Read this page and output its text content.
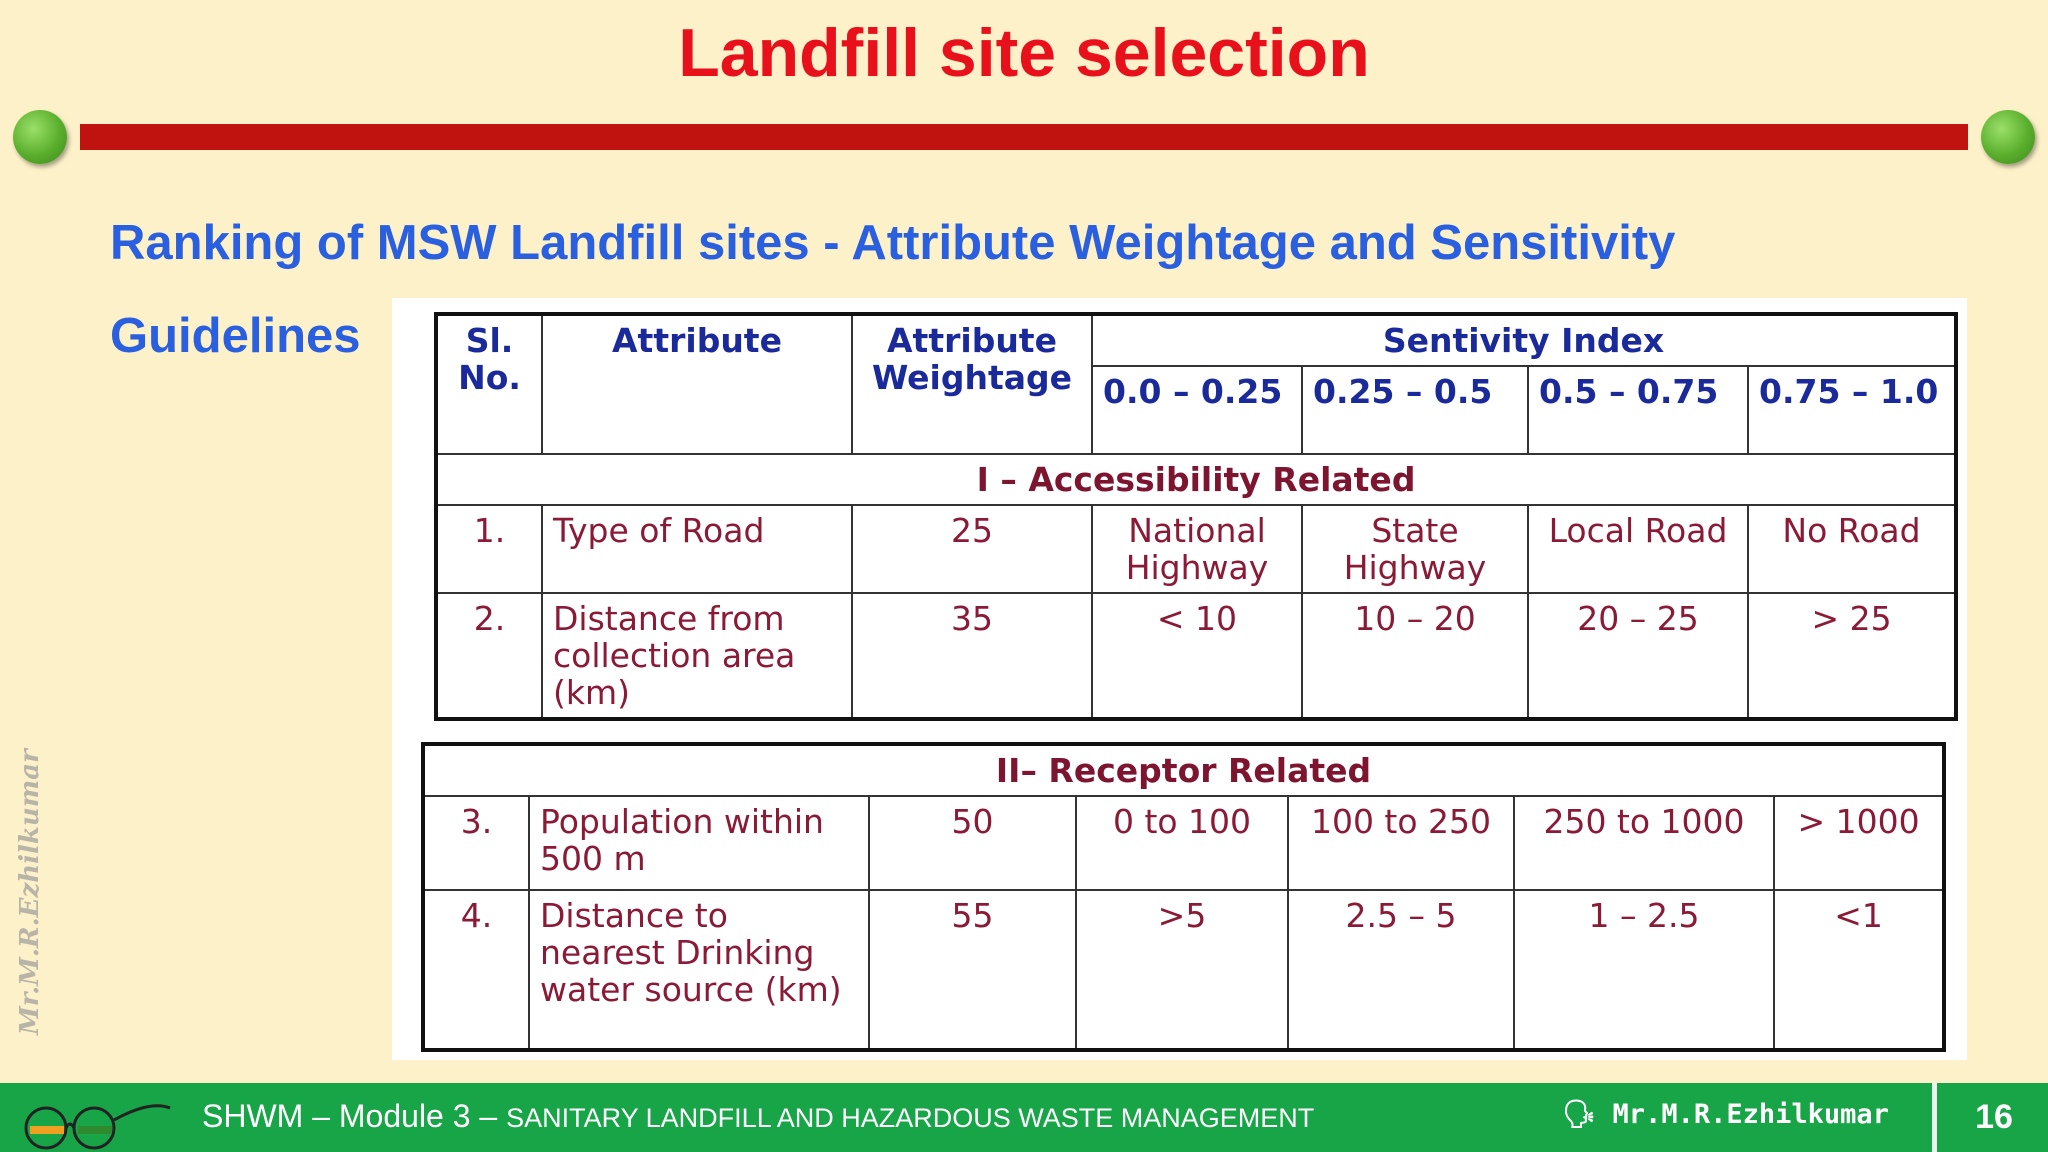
Landfill site selection
Ranking of MSW Landfill sites - Attribute Weightage and Sensitivity
Guidelines	Sl. No.	Attribute	Attribute Weightage	Sentivity Index			
			0.0 – 0.25	0.25 – 0.5	0.5 – 0.75	0.75 – 1.0
I – Accessibility Related						
1.	Type of Road	25	National Highway	State Highway	Local Road	No Road
2.	Distance from collection area (km)	35	< 10	10 – 20	20 – 25	> 25
II– Receptor Related						
3.	Population within 500 m	50	0 to 100	100 to 250	250 to 1000	> 1000
4.	Distance to nearest Drinking water source (km)	55	>5	2.5 – 5	1 – 2.5	<1
Mr.M.R.Ezhilkumar
SHWM – Module 3 – SANITARY LANDFILL AND HAZARDOUS WASTE MANAGEMENT	🗣 Mr.M.R.Ezhilkumar	16
